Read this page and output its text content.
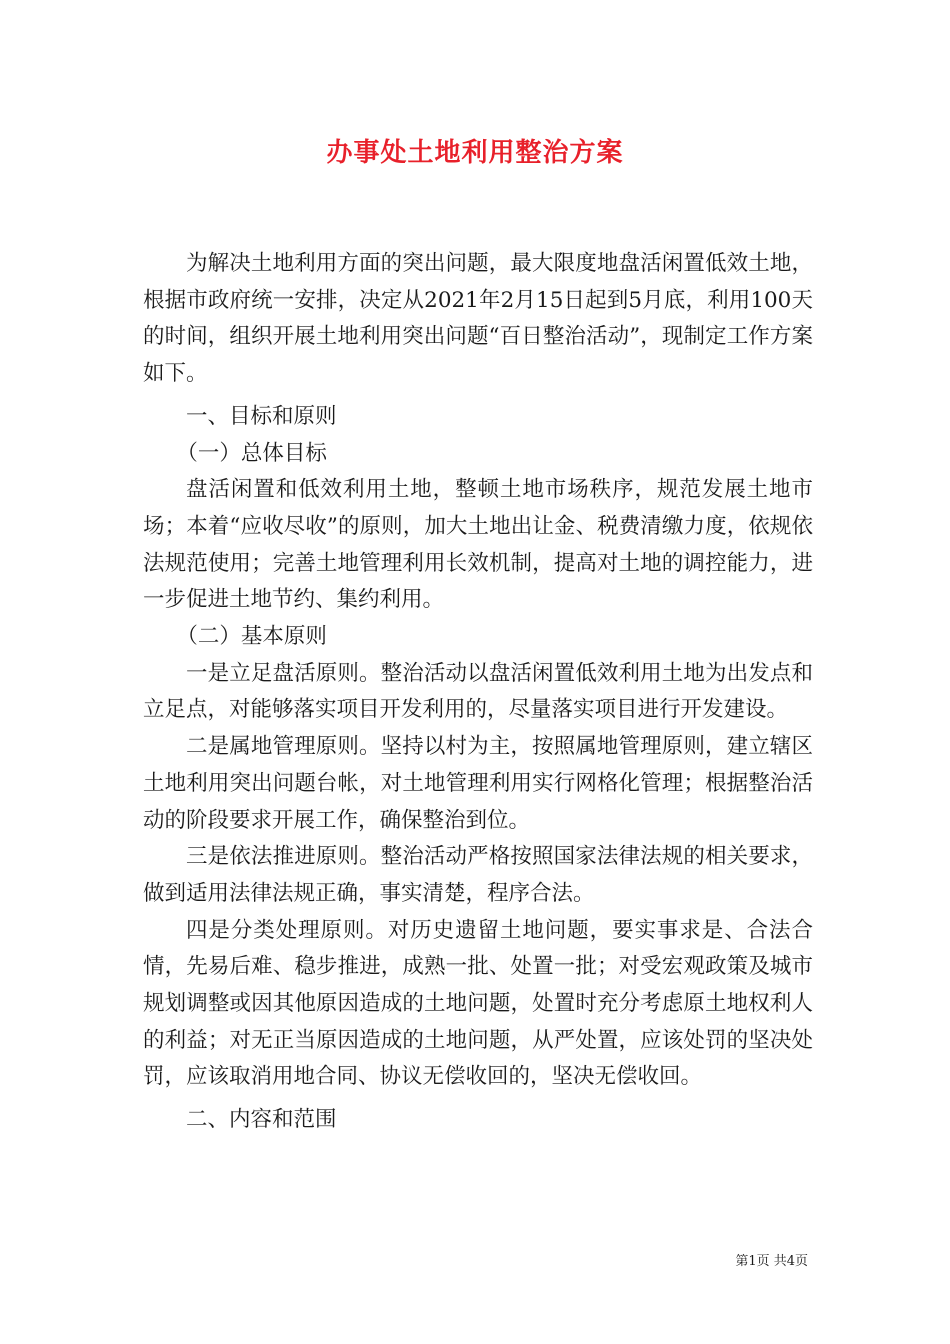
办事处土地利用整治方案

为解决土地利用方面的突出问题，最大限度地盘活闲置低效土地，根据市政府统一安排，决定从2021年2月15日起到5月底，利用100天的时间，组织开展土地利用突出问题“百日整治活动”，现制定工作方案如下。

一、目标和原则

（一）总体目标

盘活闲置和低效利用土地，整顿土地市场秩序，规范发展土地市场；本着“应收尽收”的原则，加大土地出让金、税费清缴力度，依规依法规范使用；完善土地管理利用长效机制，提高对土地的调控能力，进一步促进土地节约、集约利用。

（二）基本原则

一是立足盘活原则。整治活动以盘活闲置低效利用土地为出发点和立足点，对能够落实项目开发利用的，尽量落实项目进行开发建设。

二是属地管理原则。坚持以村为主，按照属地管理原则，建立辖区土地利用突出问题台帐，对土地管理利用实行网格化管理；根据整治活动的阶段要求开展工作，确保整治到位。

三是依法推进原则。整治活动严格按照国家法律法规的相关要求，做到适用法律法规正确，事实清楚，程序合法。

四是分类处理原则。对历史遗留土地问题，要实事求是、合法合情，先易后难、稳步推进，成熟一批、处置一批；对受宏观政策及城市规划调整或因其他原因造成的土地问题，处置时充分考虑原土地权利人的利益；对无正当原因造成的土地问题，从严处置，应该处罚的坚决处罚，应该取消用地合同、协议无偿收回的，坚决无偿收回。

二、内容和范围

第1页 共4页
